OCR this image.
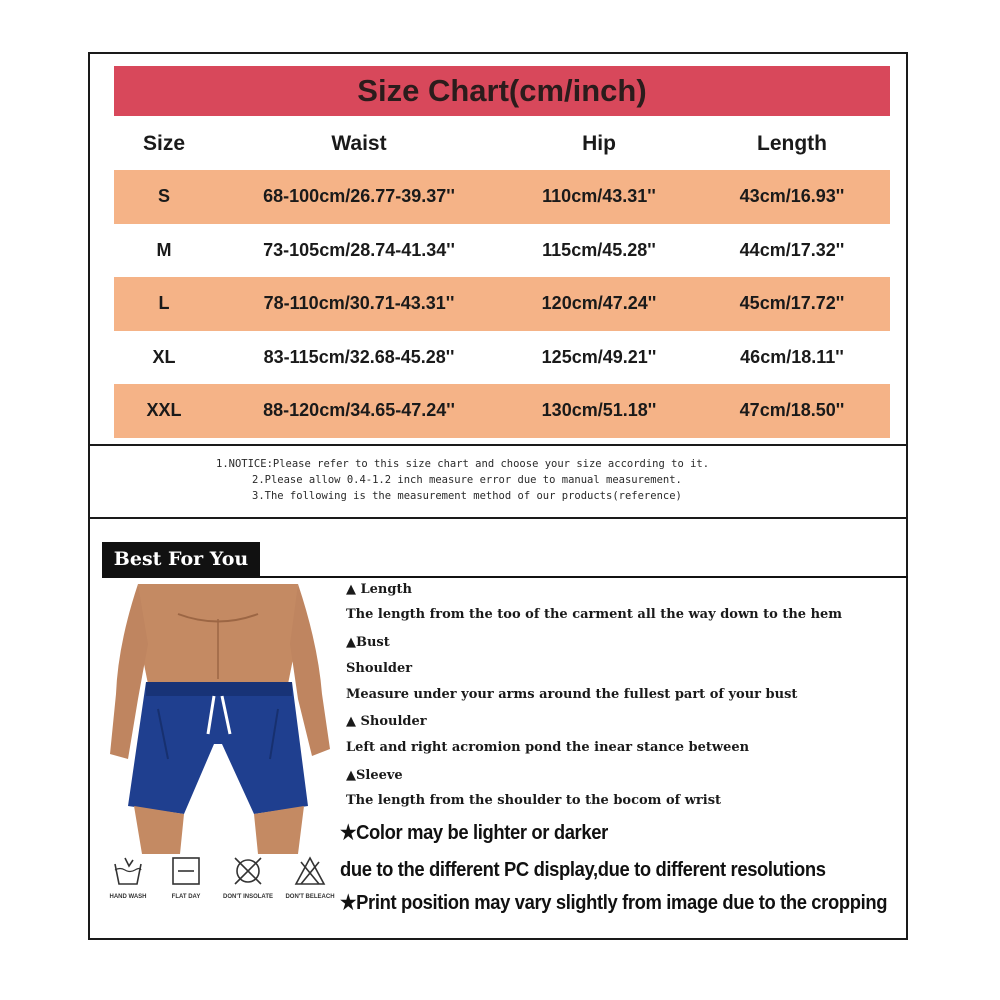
Size Chart(cm/inch)
Size	Waist	Hip	Length
S	68-100cm/26.77-39.37''	110cm/43.31''	43cm/16.93''
M	73-105cm/28.74-41.34''	115cm/45.28''	44cm/17.32''
L	78-110cm/30.71-43.31''	120cm/47.24''	45cm/17.72''
XL	83-115cm/32.68-45.28''	125cm/49.21''	46cm/18.11''
XXL	88-120cm/34.65-47.24''	130cm/51.18''	47cm/18.50''
1.NOTICE:Please refer to this size chart and choose your size according to it.
2.Please allow 0.4-1.2 inch measure error due to manual measurement.
3.The following is the measurement method of our products(reference)
Best For You
HAND WASH	FLAT DAY	DON'T INSOLATE	DON'T BELEACH
▲ Length
The length from the too of the carment all the way down to the hem
▲Bust
Shoulder
Measure under your arms around the fullest part of your bust
▲ Shoulder
Left and right acromion pond the inear stance between
▲Sleeve
The length from the shoulder to the bocom of wrist
★Color may be lighter or darker
due to the different PC display,due to different resolutions
★Print position may vary slightly from image due to the cropping
